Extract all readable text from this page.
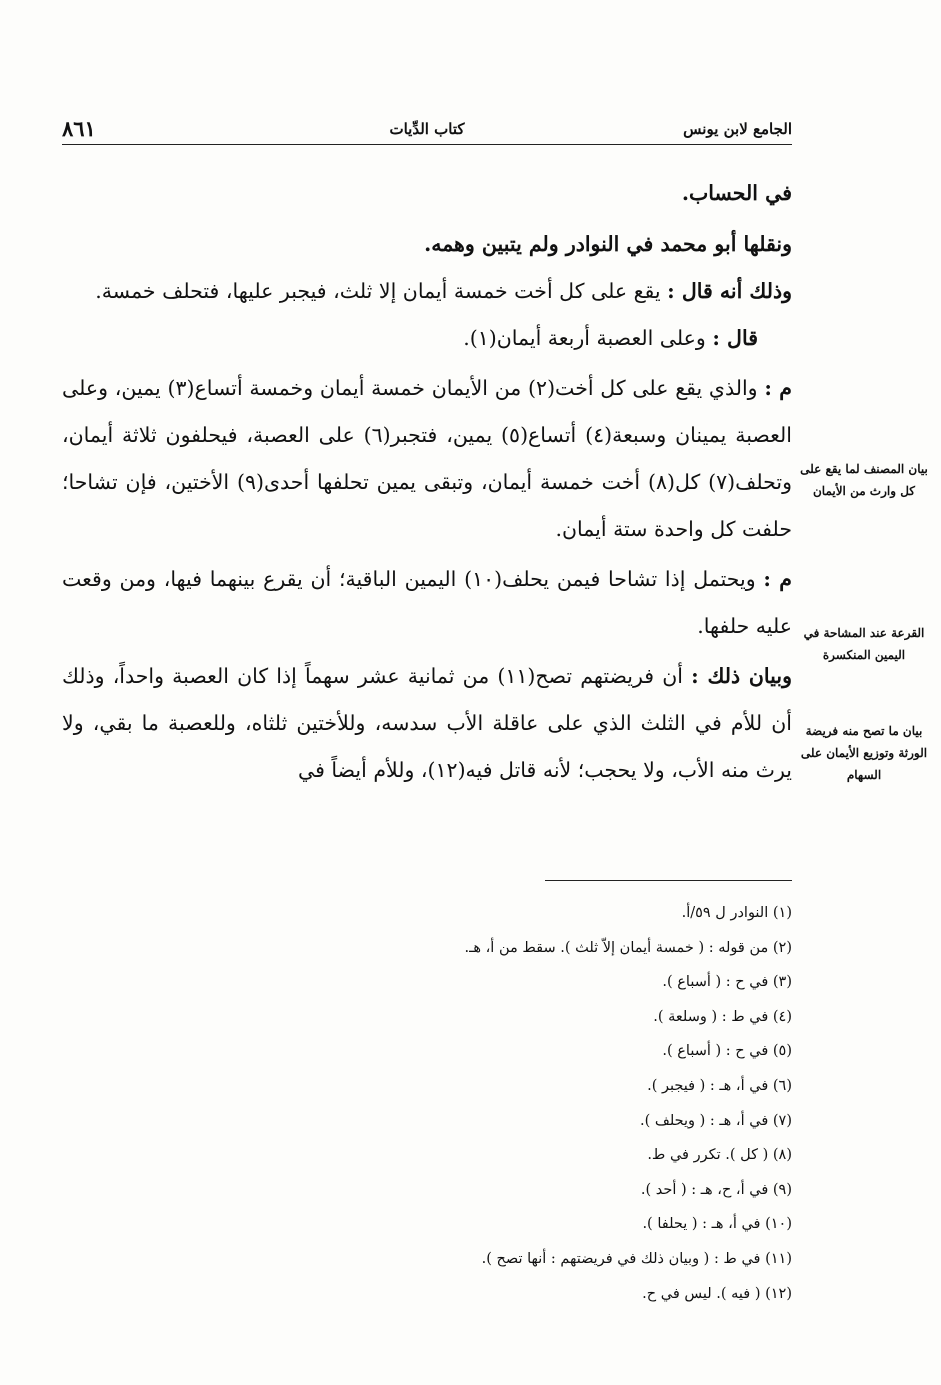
الجامع لابن يونس
كتاب الدِّيات
٨٦١

في الحساب.

ونقلها أبو محمد في النوادر ولم يتبين وهمه.

وذلك أنه قال : يقع على كل أخت خمسة أيمان إلا ثلث، فيجبر عليها، فتحلف خمسة.

قال : وعلى العصبة أربعة أيمان(١).

م : والذي يقع على كل أخت(٢) من الأيمان خمسة أيمان وخمسة أتساع(٣) يمين، وعلى العصبة يمينان وسبعة(٤) أتساع(٥) يمين، فتجبر(٦) على العصبة، فيحلفون ثلاثة أيمان، وتحلف(٧) كل(٨) أخت خمسة أيمان، وتبقى يمين تحلفها أحدى(٩) الأختين، فإن تشاحا؛ حلفت كل واحدة ستة أيمان.

م : ويحتمل إذا تشاحا فيمن يحلف(١٠) اليمين الباقية؛ أن يقرع بينهما فيها، ومن وقعت عليه حلفها.

وبيان ذلك : أن فريضتهم تصح(١١) من ثمانية عشر سهماً إذا كان العصبة واحداً، وذلك أن للأم في الثلث الذي على عاقلة الأب سدسه، وللأختين ثلثاه، وللعصبة ما بقي، ولا يرث منه الأب، ولا يحجب؛ لأنه قاتل فيه(١٢)، وللأم أيضاً في

بيان المصنف لما يقع على كل وارث من الأيمان
القرعة عند المشاحة في اليمين المنكسرة
بيان ما تصح منه فريضة الورثة وتوزيع الأيمان على السهام
(١) النوادر ل ٥٩/أ.
(٢) من قوله : ( خمسة أيمان إلاّ ثلث ). سقط من أ، هـ.
(٣) في ح : ( أسباع ).
(٤) في ط : ( وسلعة ).
(٥) في ح : ( أسباع ).
(٦) في أ، هـ : ( فيجبر ).
(٧) في أ، هـ : ( ويحلف ).
(٨) ( كل ). تكرر في ط.
(٩) في أ، ح، هـ : ( أحد ).
(١٠) في أ، هـ : ( يحلفا ).
(١١) في ط : ( وبيان ذلك في فريضتهم : أنها تصح ).
(١٢) ( فيه ). ليس في ح.
